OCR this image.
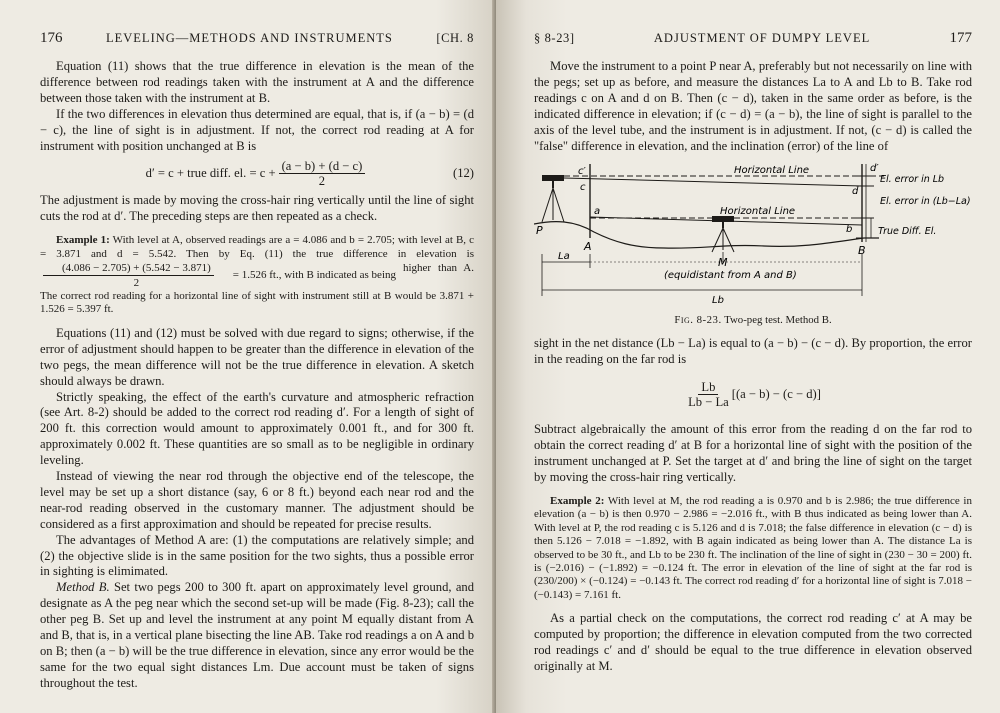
176	LEVELING—METHODS AND INSTRUMENTS	[CH. 8

Equation (11) shows that the true difference in elevation is the mean of the difference between rod readings taken with the instrument at A and the difference between those taken with the instrument at B.

If the two differences in elevation thus determined are equal, that is, if (a − b) = (d − c), the line of sight is in adjustment. If not, the correct rod reading at A for instrument with position unchanged at B is

d′ = c + true diff. el. = $c + \frac{(a - b) + (d - c)}{2}$	(12)

The adjustment is made by moving the cross-hair ring vertically until the line of sight cuts the rod at d′. The preceding steps are then repeated as a check.

Example 1: With level at A, observed readings are a = 4.086 and b = 2.705; with level at B, c = 3.871 and d = 5.542. Then by Eq. (11) the true difference in elevation is
$\frac{(4.086 - 2.705) + (5.542 - 3.871)}{2}$	= 1.526 ft., with B indicated as being
higher than A. The correct rod reading for a horizontal line of sight with instrument still at B would be 3.871 + 1.526 = 5.397 ft.

Equations (11) and (12) must be solved with due regard to signs; otherwise, if the error of adjustment should happen to be greater than the difference in elevation of the two pegs, the mean difference will not be the true difference in elevation. A sketch should always be drawn.

Strictly speaking, the effect of the earth's curvature and atmospheric refraction (see Art. 8-2) should be added to the correct rod reading d′. For a length of sight of 200 ft. this correction would amount to approximately 0.001 ft., and for 300 ft. approximately 0.002 ft. These quantities are so small as to be negligible in ordinary leveling.

Instead of viewing the near rod through the objective end of the telescope, the level may be set up a short distance (say, 6 or 8 ft.) beyond each near rod and the near-rod reading observed in the customary manner. The adjustment should be considered as a first approximation and should be repeated for precise results.

The advantages of Method A are: (1) the computations are relatively simple; and (2) the objective slide is in the same position for the two sights, thus a possible error in sighting is elimimated.

Method B. Set two pegs 200 to 300 ft. apart on approximately level ground, and designate as A the peg near which the second set-up will be made (Fig. 8-23); call the other peg B. Set up and level the instrument at any point M equally distant from A and B, that is, in a vertical plane bisecting the line AB. Take rod readings a on A and b on B; then (a − b) will be the true difference in elevation, since any error would be the same for the two equal sight distances Lm. Due account must be taken of signs throughout the test.

§ 8-23]	ADJUSTMENT OF DUMPY LEVEL	177

Move the instrument to a point P near A, preferably but not necessarily on line with the pegs; set up as before, and measure the distances La to A and Lb to B. Take rod readings c on A and d on B. Then (c − d), taken in the same order as before, is the indicated difference in elevation; if (c − d) = (a − b), the line of sight is parallel to the axis of the level tube, and the instrument is in adjustment. If not, (c − d) is called the "false" difference in elevation, and the inclination (error) of the line of

c′
c
Horizontal Line	d′
d
El. error in Lb
El. error in (Lb−La)
Horizontal Line
a
b	True Diff. El.
P
A	B
M
La
(equidistant from A and B)
Lb
Fig. 8-23. Two-peg test. Method B.

sight in the net distance (Lb − La) is equal to (a − b) − (c − d). By proportion, the error in the reading on the far rod is

$\frac{Lb}{Lb - La} [(a - b) - (c - d)]$

Subtract algebraically the amount of this error from the reading d on the far rod to obtain the correct reading d′ at B for a horizontal line of sight with the position of the instrument unchanged at P. Set the target at d′ and bring the line of sight on the target by moving the cross-hair ring vertically.

Example 2: With level at M, the rod reading a is 0.970 and b is 2.986; the true difference in elevation (a − b) is then 0.970 − 2.986 = −2.016 ft., with B thus indicated as being lower than A. With level at P, the rod reading c is 5.126 and d is 7.018; the false difference in elevation (c − d) is then 5.126 − 7.018 = −1.892, with B again indicated as being lower than A. The distance La is observed to be 30 ft., and Lb to be 230 ft. The inclination of the line of sight in (230 − 30 = 200) ft. is (−2.016) − (−1.892) = −0.124 ft. The error in elevation of the line of sight at the far rod is (230/200) × (−0.124) = −0.143 ft. The correct rod reading d′ for a horizontal line of sight is 7.018 − (−0.143) = 7.161 ft.

As a partial check on the computations, the correct rod reading c′ at A may be computed by proportion; the difference in elevation computed from the two corrected rod readings c′ and d′ should be equal to the true difference in elevation observed originally at M.
